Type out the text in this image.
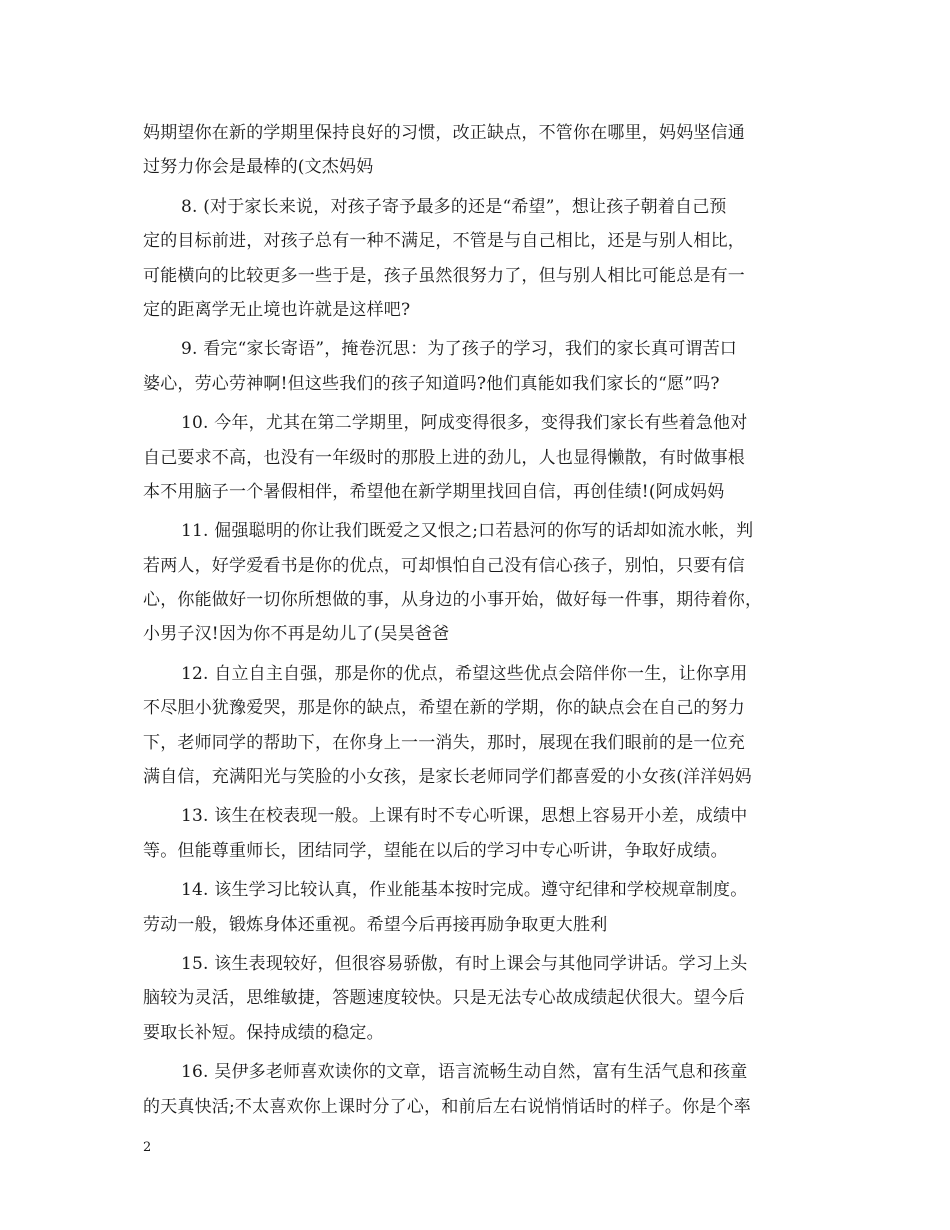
妈期望你在新的学期里保持良好的习惯，改正缺点，不管你在哪里，妈妈坚信通
过努力你会是最棒的(文杰妈妈
8. (对于家长来说，对孩子寄予最多的还是“希望”，想让孩子朝着自己预
定的目标前进，对孩子总有一种不满足，不管是与自己相比，还是与别人相比，
可能横向的比较更多一些于是，孩子虽然很努力了，但与别人相比可能总是有一
定的距离学无止境也许就是这样吧?
9. 看完“家长寄语”，掩卷沉思：为了孩子的学习，我们的家长真可谓苦口
婆心，劳心劳神啊!但这些我们的孩子知道吗?他们真能如我们家长的“愿”吗?
10. 今年，尤其在第二学期里，阿成变得很多，变得我们家长有些着急他对
自己要求不高，也没有一年级时的那股上进的劲儿，人也显得懒散，有时做事根
本不用脑子一个暑假相伴，希望他在新学期里找回自信，再创佳绩!(阿成妈妈
11. 倔强聪明的你让我们既爱之又恨之;口若悬河的你写的话却如流水帐，判
若两人，好学爱看书是你的优点，可却惧怕自己没有信心孩子，别怕，只要有信
心，你能做好一切你所想做的事，从身边的小事开始，做好每一件事，期待着你，
小男子汉!因为你不再是幼儿了(吴昊爸爸
12. 自立自主自强，那是你的优点，希望这些优点会陪伴你一生，让你享用
不尽胆小犹豫爱哭，那是你的缺点，希望在新的学期，你的缺点会在自己的努力
下，老师同学的帮助下，在你身上一一消失，那时，展现在我们眼前的是一位充
满自信，充满阳光与笑脸的小女孩，是家长老师同学们都喜爱的小女孩(洋洋妈妈
13. 该生在校表现一般。上课有时不专心听课，思想上容易开小差，成绩中
等。但能尊重师长，团结同学，望能在以后的学习中专心听讲，争取好成绩。
14. 该生学习比较认真，作业能基本按时完成。遵守纪律和学校规章制度。
劳动一般，锻炼身体还重视。希望今后再接再励争取更大胜利
15. 该生表现较好，但很容易骄傲，有时上课会与其他同学讲话。学习上头
脑较为灵活，思维敏捷，答题速度较快。只是无法专心故成绩起伏很大。望今后
要取长补短。保持成绩的稳定。
16. 吴伊多老师喜欢读你的文章，语言流畅生动自然，富有生活气息和孩童
的天真快活;不太喜欢你上课时分了心，和前后左右说悄悄话时的样子。你是个率
2
